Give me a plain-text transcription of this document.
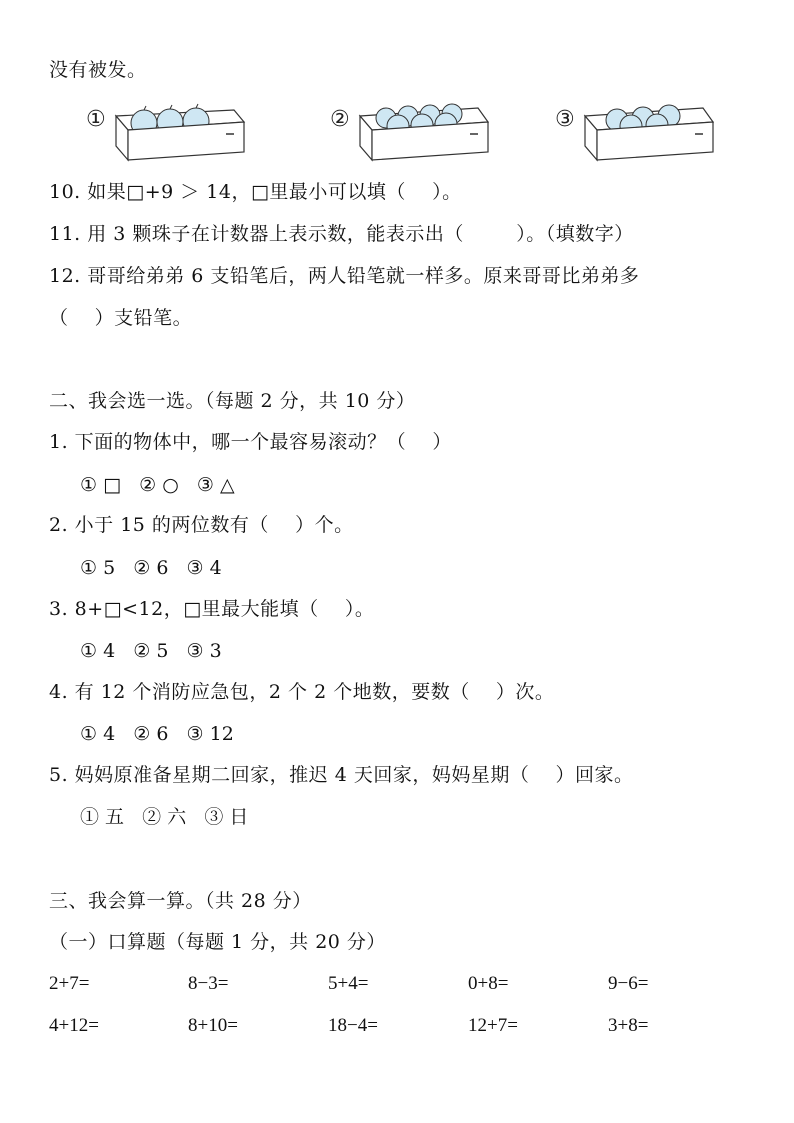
没有被发。
①	②	③
10. 如果□+9 ＞ 14，□里最小可以填（    ）。
11. 用 3 颗珠子在计数器上表示数，能表示出（        ）。（填数字）
12. 哥哥给弟弟 6 支铅笔后，两人铅笔就一样多。原来哥哥比弟弟多
（    ）支铅笔。
二、我会选一选。（每题 2 分，共 10 分）
1. 下面的物体中，哪一个最容易滚动？（    ）
① □   ② ○   ③ △
2. 小于 15 的两位数有（    ）个。
① 5   ② 6   ③ 4
3. 8+□<12，□里最大能填（    ）。
① 4   ② 5   ③ 3
4. 有 12 个消防应急包，2 个 2 个地数，要数（    ）次。
① 4   ② 6   ③ 12
5. 妈妈原准备星期二回家，推迟 4 天回家，妈妈星期（    ）回家。
① 五   ② 六   ③ 日
三、我会算一算。（共 28 分）
（一）口算题（每题 1 分，共 20 分）
2+7=	8−3=	5+4=	0+8=	9−6=
4+12=	8+10=	18−4=	12+7=	3+8=
